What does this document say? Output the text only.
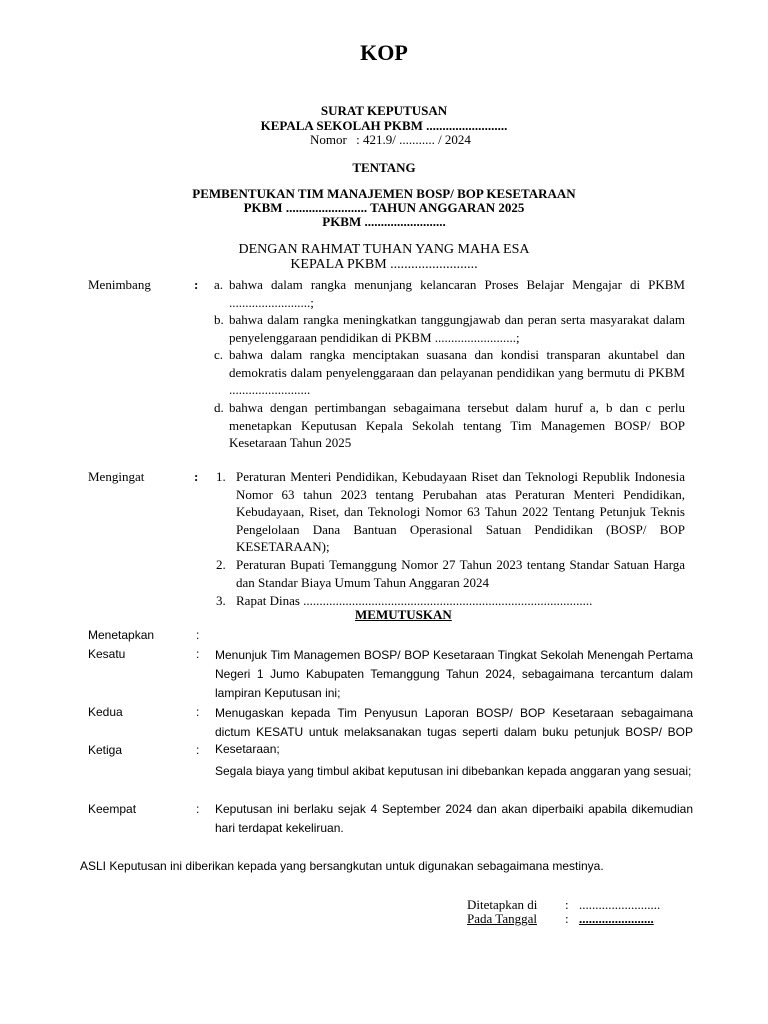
KOP
SURAT KEPUTUSAN
KEPALA SEKOLAH PKBM .........................
Nomor : 421.9/ ........... / 2024
TENTANG
PEMBENTUKAN TIM MANAJEMEN BOSP/ BOP KESETARAAN
PKBM ......................... TAHUN ANGGARAN 2025
PKBM .........................
DENGAN RAHMAT TUHAN YANG MAHA ESA
KEPALA PKBM .........................
Menimbang	: a. bahwa dalam rangka menunjang kelancaran Proses Belajar Mengajar di PKBM .........................;
b. bahwa dalam rangka meningkatkan tanggungjawab dan peran serta masyarakat dalam penyelenggaraan pendidikan di PKBM .........................;
c. bahwa dalam rangka menciptakan suasana dan kondisi transparan akuntabel dan demokratis dalam penyelenggaraan dan pelayanan pendidikan yang bermutu di PKBM .........................
d. bahwa dengan pertimbangan sebagaimana tersebut dalam huruf a, b dan c perlu menetapkan Keputusan Kepala Sekolah tentang Tim Managemen BOSP/ BOP Kesetaraan Tahun 2025
Mengingat	: 1. Peraturan Menteri Pendidikan, Kebudayaan Riset dan Teknologi Republik Indonesia Nomor 63 tahun 2023 tentang Perubahan atas Peraturan Menteri Pendidikan, Kebudayaan, Riset, dan Teknologi Nomor 63 Tahun 2022 Tentang Petunjuk Teknis Pengelolaan Dana Bantuan Operasional Satuan Pendidikan (BOSP/ BOP KESETARAAN);
2. Peraturan Bupati Temanggung Nomor 27 Tahun 2023 tentang Standar Satuan Harga dan Standar Biaya Umum Tahun Anggaran 2024
3. Rapat Dinas .........................................................................................
MEMUTUSKAN
Menetapkan	:
Kesatu	: Menunjuk Tim Managemen BOSP/ BOP Kesetaraan Tingkat Sekolah Menengah Pertama Negeri 1 Jumo Kabupaten Temanggung Tahun 2024, sebagaimana tercantum dalam lampiran Keputusan ini;
Kedua	: Menugaskan kepada Tim Penyusun Laporan BOSP/ BOP Kesetaraan sebagaimana dictum KESATU untuk melaksanakan tugas seperti dalam buku petunjuk BOSP/ BOP
Ketiga	: Kesetaraan;
Segala biaya yang timbul akibat keputusan ini dibebankan kepada anggaran yang sesuai;
Keempat	: Keputusan ini berlaku sejak 4 September 2024 dan akan diperbaiki apabila dikemudian hari terdapat kekeliruan.
ASLI Keputusan ini diberikan kepada yang bersangkutan untuk digunakan sebagaimana mestinya.
Ditetapkan di : .........................
Pada Tanggal : .......................
